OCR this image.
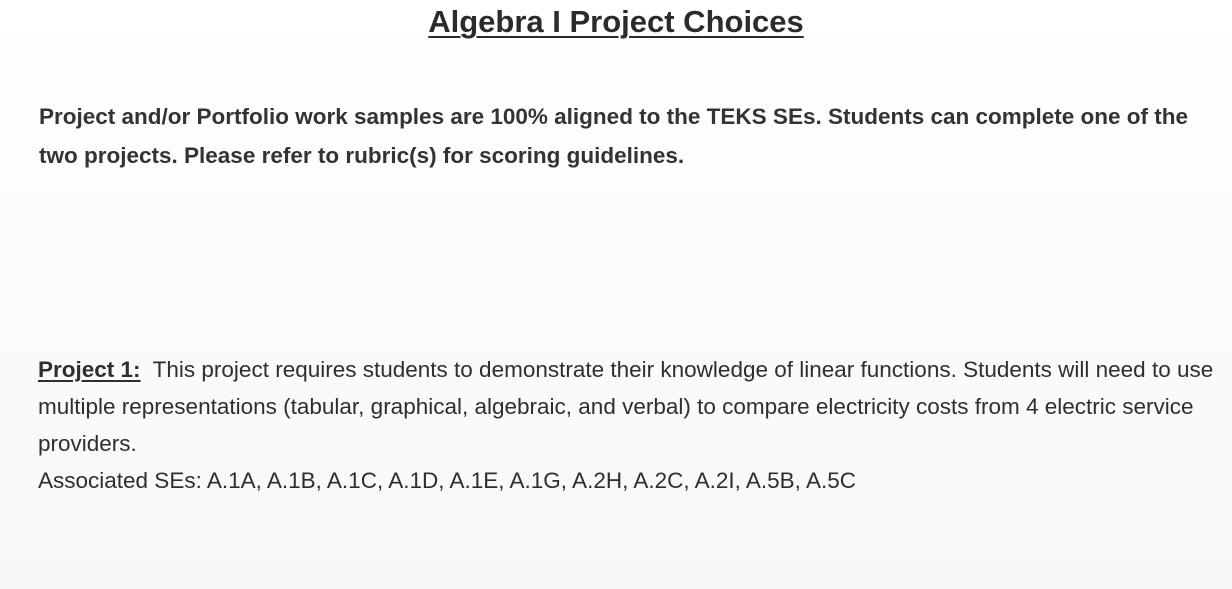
Algebra I Project Choices

Project and/or Portfolio work samples are 100% aligned to the TEKS SEs. Students can complete one of the two projects. Please refer to rubric(s) for scoring guidelines.

Project 1: This project requires students to demonstrate their knowledge of linear functions. Students will need to use multiple representations (tabular, graphical, algebraic, and verbal) to compare electricity costs from 4 electric service providers.
Associated SEs: A.1A, A.1B, A.1C, A.1D, A.1E, A.1G, A.2H, A.2C, A.2I, A.5B, A.5C
